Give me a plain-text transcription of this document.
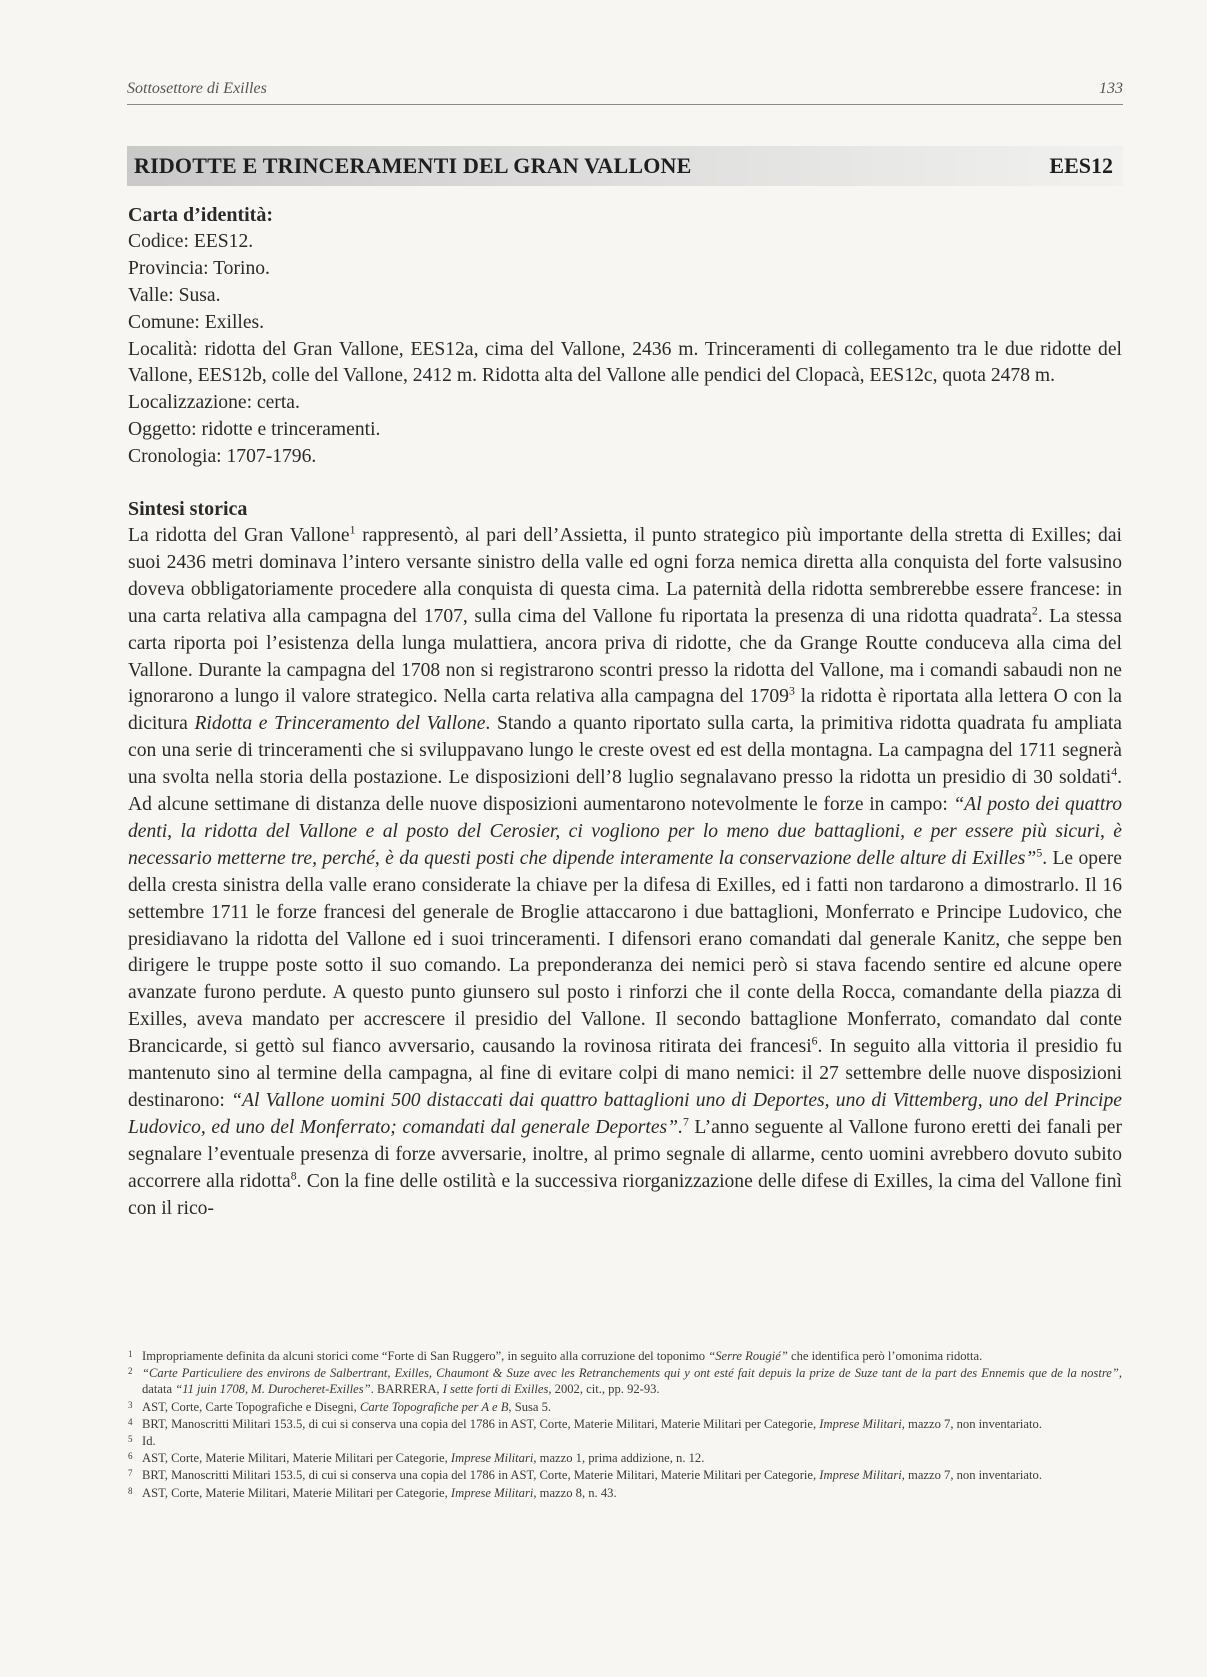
Sottosettore di Exilles	133
RIDOTTE E TRINCERAMENTI DEL GRAN VALLONE	EES12

Carta d’identità:

Codice: EES12.

Provincia: Torino.

Valle: Susa.

Comune: Exilles.

Località: ridotta del Gran Vallone, EES12a, cima del Vallone, 2436 m. Trinceramenti di collegamento tra le due ridotte del Vallone, EES12b, colle del Vallone, 2412 m. Ridotta alta del Vallone alle pendici del Clopacà, EES12c, quota 2478 m.

Localizzazione: certa.

Oggetto: ridotte e trinceramenti.

Cronologia: 1707-1796.

Sintesi storica

La ridotta del Gran Vallone$^1$ rappresentò, al pari dell’Assietta, il punto strategico più importante della stretta di Exilles; dai suoi 2436 metri dominava l’intero versante sinistro della valle ed ogni forza nemica diretta alla conquista del forte valsusino doveva obbligatoriamente procedere alla conquista di questa cima. La paternità della ridotta sembrerebbe essere francese: in una carta relativa alla campagna del 1707, sulla cima del Vallone fu riportata la presenza di una ridotta quadrata$^2$. La stessa carta riporta poi l’esistenza della lunga mulattiera, ancora priva di ridotte, che da Grange Routte conduceva alla cima del Vallone. Durante la campagna del 1708 non si registrarono scontri presso la ridotta del Vallone, ma i comandi sabaudi non ne ignorarono a lungo il valore strategico. Nella carta relativa alla campagna del 1709$^3$ la ridotta è riportata alla lettera O con la dicitura Ridotta e Trinceramento del Vallone. Stando a quanto riportato sulla carta, la primitiva ridotta quadrata fu ampliata con una serie di trinceramenti che si sviluppavano lungo le creste ovest ed est della montagna. La campagna del 1711 segnerà una svolta nella storia della postazione. Le disposizioni dell’8 luglio segnalavano presso la ridotta un presidio di 30 soldati$^4$. Ad alcune settimane di distanza delle nuove disposizioni aumentarono notevolmente le forze in campo: “Al posto dei quattro denti, la ridotta del Vallone e al posto del Cerosier, ci vogliono per lo meno due battaglioni, e per essere più sicuri, è necessario metterne tre, perché, è da questi posti che dipende interamente la conservazione delle alture di Exilles”$^5$. Le opere della cresta sinistra della valle erano considerate la chiave per la difesa di Exilles, ed i fatti non tardarono a dimostrarlo. Il 16 settembre 1711 le forze francesi del generale de Broglie attaccarono i due battaglioni, Monferrato e Principe Ludovico, che presidiavano la ridotta del Vallone ed i suoi trinceramenti. I difensori erano comandati dal generale Kanitz, che seppe ben dirigere le truppe poste sotto il suo comando. La preponderanza dei nemici però si stava facendo sentire ed alcune opere avanzate furono perdute. A questo punto giunsero sul posto i rinforzi che il conte della Rocca, comandante della piazza di Exilles, aveva mandato per accrescere il presidio del Vallone. Il secondo battaglione Monferrato, comandato dal conte Brancicarde, si gettò sul fianco avversario, causando la rovinosa ritirata dei francesi$^6$. In seguito alla vittoria il presidio fu mantenuto sino al termine della campagna, al fine di evitare colpi di mano nemici: il 27 settembre delle nuove disposizioni destinarono: “Al Vallone uomini 500 distaccati dai quattro battaglioni uno di Deportes, uno di Vittemberg, uno del Principe Ludovico, ed uno del Monferrato; comandati dal generale Deportes”.$^7$ L’anno seguente al Vallone furono eretti dei fanali per segnalare l’eventuale presenza di forze avversarie, inoltre, al primo segnale di allarme, cento uomini avrebbero dovuto subito accorrere alla ridotta$^8$. Con la fine delle ostilità e la successiva riorganizzazione delle difese di Exilles, la cima del Vallone finì con il rico-

1 Impropriamente definita da alcuni storici come “Forte di San Ruggero”, in seguito alla corruzione del toponimo “Serre Rougié” che identifica però l’omonima ridotta.
2 “Carte Particuliere des environs de Salbertrant, Exilles, Chaumont & Suze avec les Retranchements qui y ont esté fait depuis la prize de Suze tant de la part des Ennemis que de la nostre”, datata “11 juin 1708, M. Durocheret-Exilles”. BARRERA, I sette forti di Exilles, 2002, cit., pp. 92-93.
3 AST, Corte, Carte Topografiche e Disegni, Carte Topografiche per A e B, Susa 5.
4 BRT, Manoscritti Militari 153.5, di cui si conserva una copia del 1786 in AST, Corte, Materie Militari, Materie Militari per Categorie, Imprese Militari, mazzo 7, non inventariato.
5 Id.
6 AST, Corte, Materie Militari, Materie Militari per Categorie, Imprese Militari, mazzo 1, prima addizione, n. 12.
7 BRT, Manoscritti Militari 153.5, di cui si conserva una copia del 1786 in AST, Corte, Materie Militari, Materie Militari per Categorie, Imprese Militari, mazzo 7, non inventariato.
8 AST, Corte, Materie Militari, Materie Militari per Categorie, Imprese Militari, mazzo 8, n. 43.
